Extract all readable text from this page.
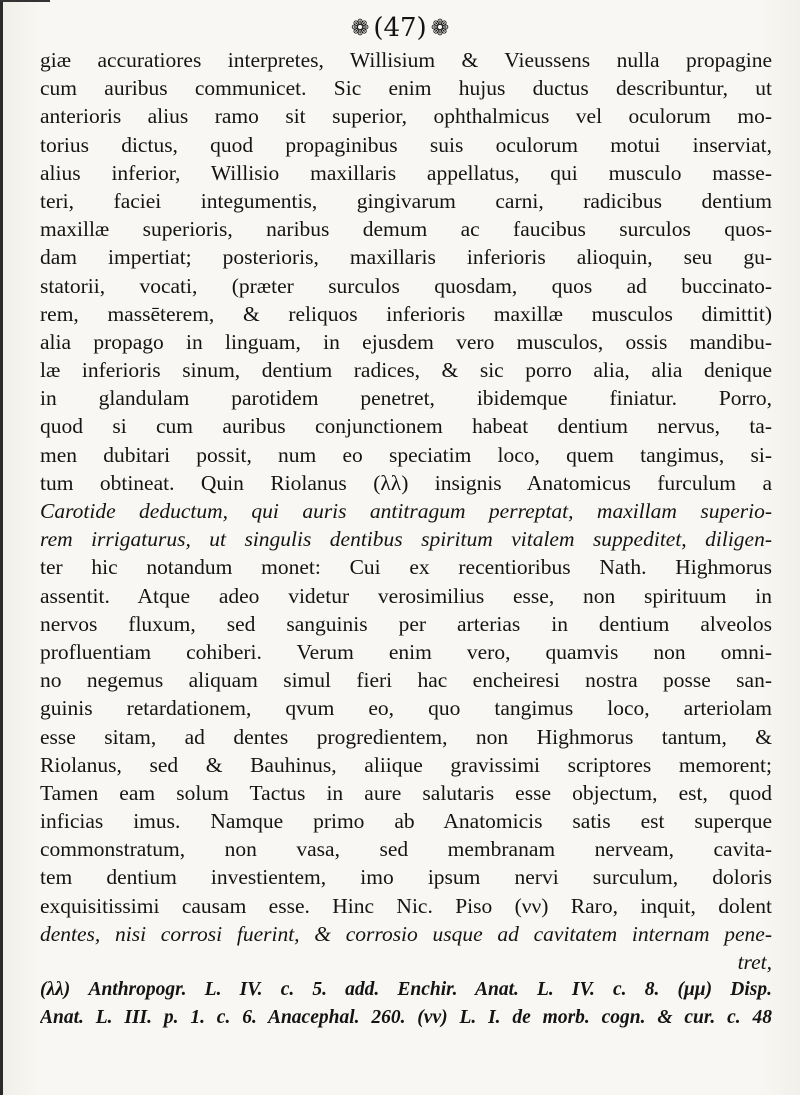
❁ (47) ❁
giæ accuratiores interpretes, Willisium & Vieussens nulla propagine
cum auribus communicet. Sic enim hujus ductus describuntur, ut
anterioris alius ramo sit superior, ophthalmicus vel oculorum mo-
torius dictus, quod propaginibus suis oculorum motui inserviat,
alius inferior, Willisio maxillaris appellatus, qui musculo masse-
teri, faciei integumentis, gingivarum carni, radicibus dentium
maxillæ superioris, naribus demum ac faucibus surculos quos-
dam impertiat; posterioris, maxillaris inferioris alioquin, seu gu-
statorii, vocati, (præter surculos quosdam, quos ad buccinato-
rem, massēterem, & reliquos inferioris maxillæ musculos dimittit)
alia propago in linguam, in ejusdem vero musculos, ossis mandibu-
læ inferioris sinum, dentium radices, & sic porro alia, alia denique
in glandulam parotidem penetret, ibidemque finiatur. Porro,
quod si cum auribus conjunctionem habeat dentium nervus, ta-
men dubitari possit, num eo speciatim loco, quem tangimus, si-
tum obtineat. Quin Riolanus (λλ) insignis Anatomicus furculum a
Carotide deductum, qui auris antitragum perreptat, maxillam superio-
rem irrigaturus, ut singulis dentibus spiritum vitalem suppeditet, diligen-
ter hic notandum monet: Cui ex recentioribus Nath. Highmorus
assentit. Atque adeo videtur verosimilius esse, non spirituum in
nervos fluxum, sed sanguinis per arterias in dentium alveolos
profluentiam cohiberi. Verum enim vero, quamvis non omni-
no negemus aliquam simul fieri hac encheiresi nostra posse san-
guinis retardationem, qvum eo, quo tangimus loco, arteriolam
esse sitam, ad dentes progredientem, non Highmorus tantum, &
Riolanus, sed & Bauhinus, aliique gravissimi scriptores memorent;
Tamen eam solum Tactus in aure salutaris esse objectum, est, quod
inficias imus. Namque primo ab Anatomicis satis est superque
commonstratum, non vasa, sed membranam nerveam, cavita-
tem dentium investientem, imo ipsum nervi surculum, doloris
exquisitissimi causam esse. Hinc Nic. Piso (νν) Raro, inquit, dolent
dentes, nisi corrosi fuerint, & corrosio usque ad cavitatem internam pene-
tret,
(λλ) Anthropogr. L. IV. c. 5. add. Enchir. Anat. L. IV. c. 8. (μμ) Disp.
Anat. L. III. p. 1. c. 6. Anacephal. 260. (νν) L. I. de morb. cogn. & cur. c. 48
